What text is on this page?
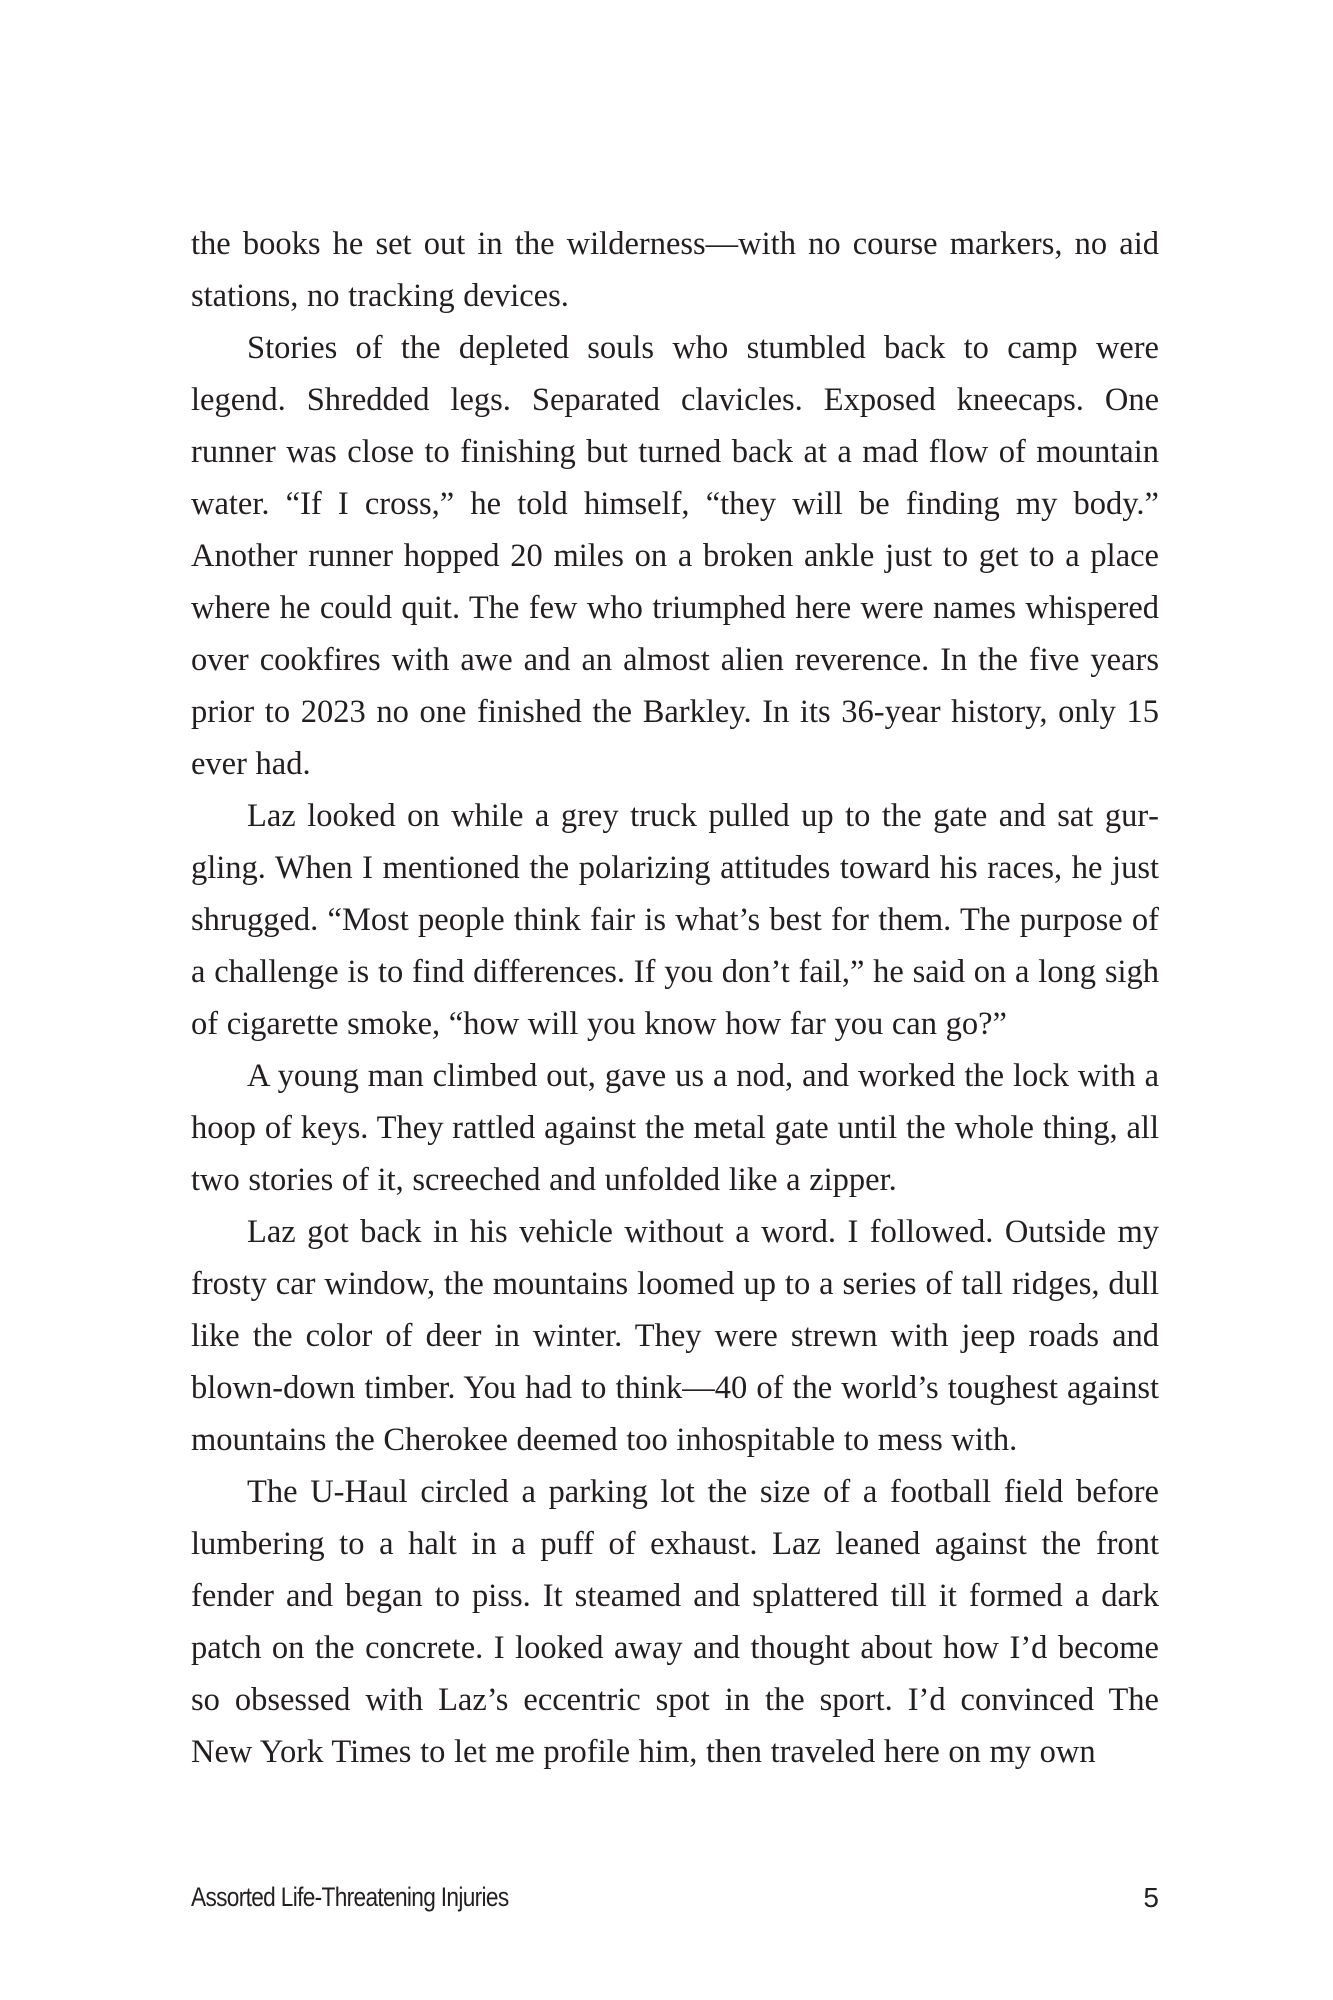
the books he set out in the wilderness—with no course markers, no aid stations, no tracking devices.

Stories of the depleted souls who stumbled back to camp were legend. Shredded legs. Separated clavicles. Exposed kneecaps. One runner was close to finishing but turned back at a mad flow of mountain water. “If I cross,” he told himself, “they will be finding my body.” Another runner hopped 20 miles on a broken ankle just to get to a place where he could quit. The few who triumphed here were names whispered over cookfires with awe and an almost alien reverence. In the five years prior to 2023 no one finished the Barkley. In its 36-year history, only 15 ever had.

Laz looked on while a grey truck pulled up to the gate and sat gurgling. When I mentioned the polarizing attitudes toward his races, he just shrugged. “Most people think fair is what’s best for them. The purpose of a challenge is to find differences. If you don’t fail,” he said on a long sigh of cigarette smoke, “how will you know how far you can go?”

A young man climbed out, gave us a nod, and worked the lock with a hoop of keys. They rattled against the metal gate until the whole thing, all two stories of it, screeched and unfolded like a zipper.

Laz got back in his vehicle without a word. I followed. Outside my frosty car window, the mountains loomed up to a series of tall ridges, dull like the color of deer in winter. They were strewn with jeep roads and blown-down timber. You had to think—40 of the world’s toughest against mountains the Cherokee deemed too inhospitable to mess with.

The U-Haul circled a parking lot the size of a football field before lumbering to a halt in a puff of exhaust. Laz leaned against the front fender and began to piss. It steamed and splattered till it formed a dark patch on the concrete. I looked away and thought about how I’d become so obsessed with Laz’s eccentric spot in the sport. I’d convinced The New York Times to let me profile him, then traveled here on my own

Assorted Life-Threatening Injuries	5
